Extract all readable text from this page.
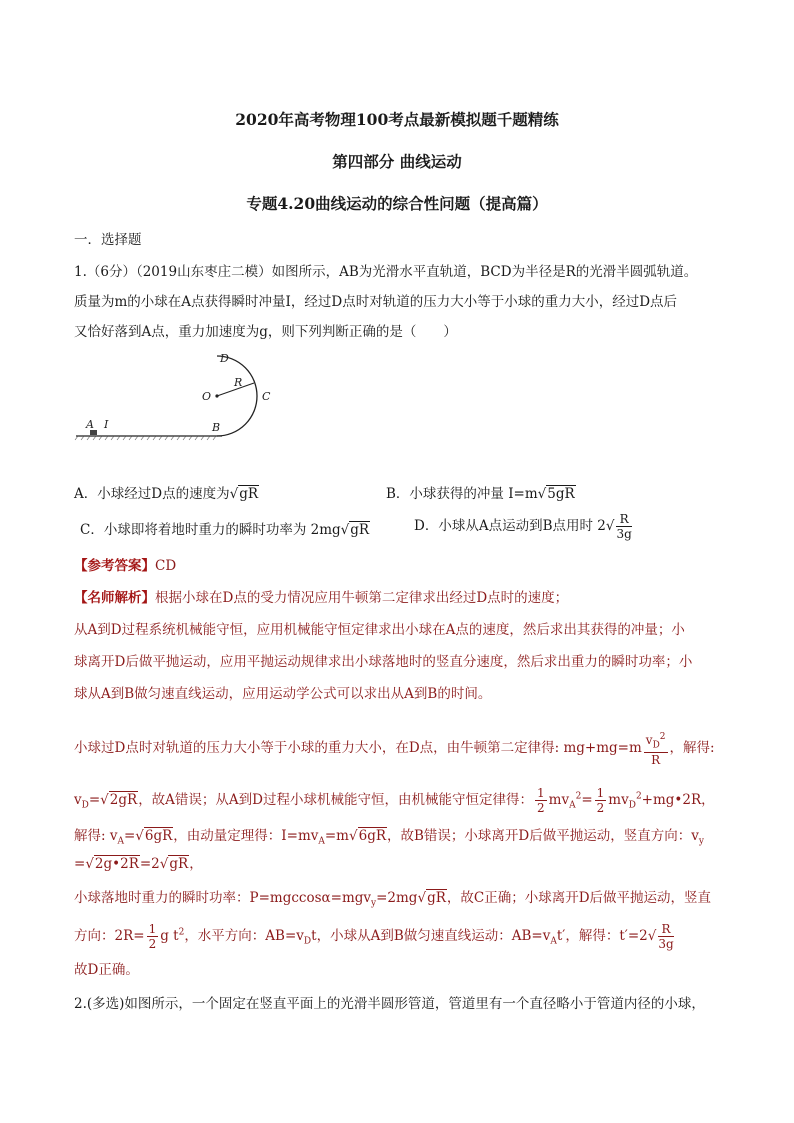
2020年高考物理100考点最新模拟题千题精练
第四部分 曲线运动
专题4.20曲线运动的综合性问题（提高篇）
一．选择题
1.（6分）（2019山东枣庄二模）如图所示，AB为光滑水平直轨道，BCD为半径是R的光滑半圆弧轨道。
质量为m的小球在A点获得瞬时冲量I，经过D点时对轨道的压力大小等于小球的重力大小，经过D点后
又恰好落到A点，重力加速度为g，则下列判断正确的是（　　）
D
O
R
C
A I	B
A．小球经过D点的速度为√gR	B．小球获得的冲量 I=m√5gR
C．小球即将着地时重力的瞬时功率为 2mg√gR	D．小球从A点运动到B点用时 $2√ \frac{R}{3g}$
【参考答案】CD
【名师解析】根据小球在D点的受力情况应用牛顿第二定律求出经过D点时的速度；
从A到D过程系统机械能守恒，应用机械能守恒定律求出小球在A点的速度，然后求出其获得的冲量；小
球离开D后做平抛运动，应用平抛运动规律求出小球落地时的竖直分速度，然后求出重力的瞬时功率；小
球从A到B做匀速直线运动，应用运动学公式可以求出从A到B的时间。
小球过D点时对轨道的压力大小等于小球的重力大小，在D点，由牛顿第二定律得: $mg+mg=m \frac{v_D^2}{R}$ ，解得:
$v_D=√2gR$，故A错误；从A到D过程小球机械能守恒，由机械能守恒定律得： $\frac{1}{2} mv_A^2= \frac{1}{2}$ $mv_D^2+mg•2R$，
解得: $v_A=√6gR$，由动量定理得：$I=mv_A=m√6gR$，故B错误；小球离开D后做平抛运动，竖直方向：$v_y$
=√2g•2R=2√gR，
小球落地时重力的瞬时功率：P=mgccosα=mgv$_y$=2mg√gR，故C正确；小球离开D后做平抛运动，竖直
方向：$2R= \frac{1}{2}$ g $t^2$，水平方向：$AB=v_Dt$，小球从A到B做匀速直线运动：$AB=v_At'$，解得：$t'=2√ \frac{R}{3g}$
故D正确。
2.(多选)如图所示，一个固定在竖直平面上的光滑半圆形管道，管道里有一个直径略小于管道内径的小球，
